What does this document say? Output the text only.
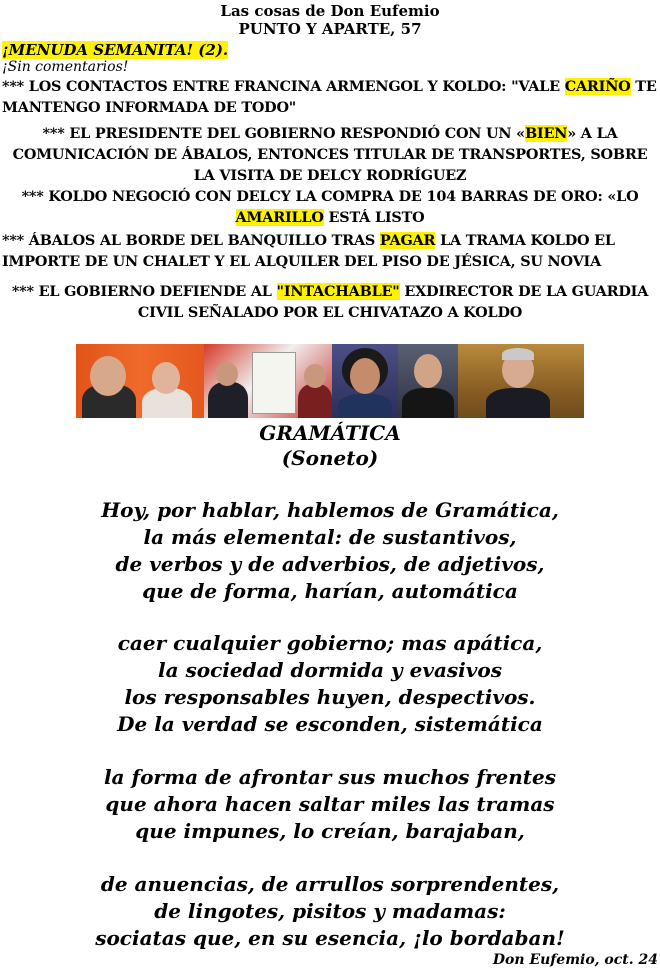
Las cosas de Don Eufemio
PUNTO Y APARTE, 57
¡MENUDA SEMANITA! (2).
¡Sin comentarios!
*** LOS CONTACTOS ENTRE FRANCINA ARMENGOL Y KOLDO: "VALE CARIÑO TE MANTENGO INFORMADA DE TODO"
*** EL PRESIDENTE DEL GOBIERNO RESPONDIÓ CON UN «BIEN» A LA COMUNICACIÓN DE ÁBALOS, ENTONCES TITULAR DE TRANSPORTES, SOBRE LA VISITA DE DELCY RODRÍGUEZ
*** KOLDO NEGOCIÓ CON DELCY LA COMPRA DE 104 BARRAS DE ORO: «LO AMARILLO ESTÁ LISTO
*** ÁBALOS AL BORDE DEL BANQUILLO TRAS PAGAR LA TRAMA KOLDO EL IMPORTE DE UN CHALET Y EL ALQUILER DEL PISO DE JÉSICA, SU NOVIA
*** EL GOBIERNO DEFIENDE AL "INTACHABLE" EXDIRECTOR DE LA GUARDIA CIVIL SEÑALADO POR EL CHIVATAZO A KOLDO
GRAMÁTICA
(Soneto)
Hoy, por hablar, hablemos de Gramática,
la más elemental: de sustantivos,
de verbos y de adverbios, de adjetivos,
que de forma, harían, automática
caer cualquier gobierno; mas apática,
la sociedad dormida y evasivos
los responsables huyen, despectivos.
De la verdad se esconden, sistemática
la forma de afrontar sus muchos frentes
que ahora hacen saltar miles las tramas
que impunes, lo creían, barajaban,
de anuencias, de arrullos sorprendentes,
de lingotes, pisitos y madamas:
sociatas que, en su esencia, ¡lo bordaban!
Don Eufemio, oct. 24
